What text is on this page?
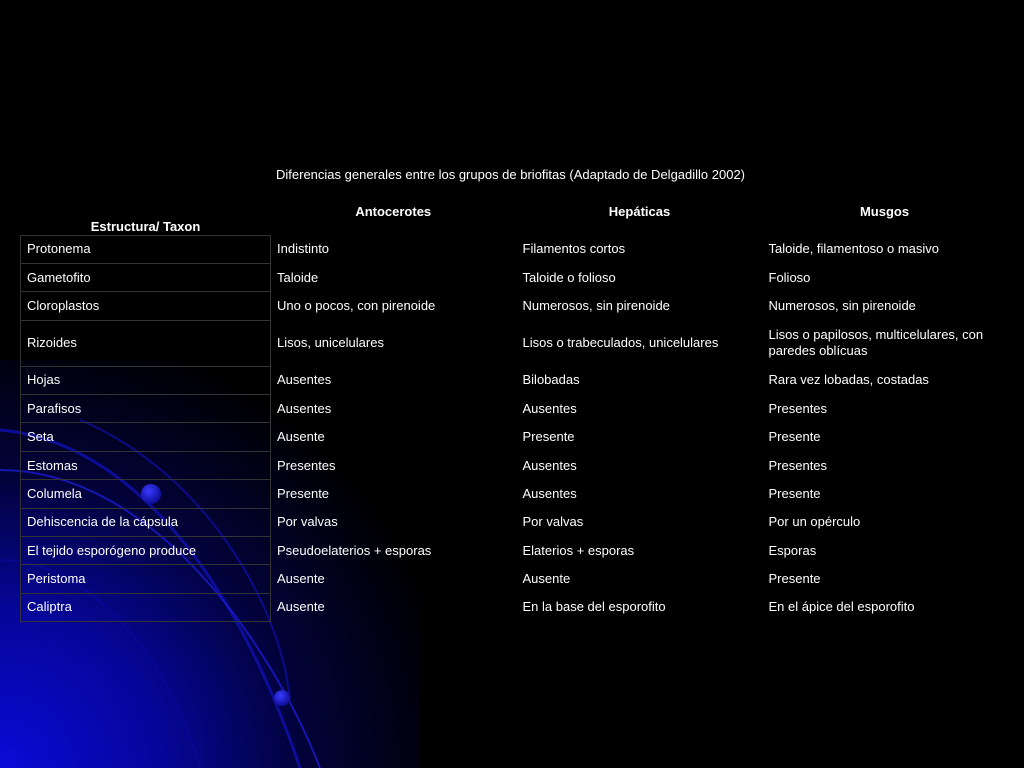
Diferencias generales entre los grupos de briofitas (Adaptado de Delgadillo 2002)
Estructura/ Taxon	Antocerotes	Hepáticas	Musgos
Protonema	Indistinto	Filamentos cortos	Taloide, filamentoso o masivo
Gametofito	Taloide	Taloide o folioso	Folioso
Cloroplastos	Uno o pocos, con pirenoide	Numerosos, sin pirenoide	Numerosos, sin pirenoide
Rizoides	Lisos, unicelulares	Lisos o trabeculados, unicelulares	Lisos o papilosos, multicelulares, con paredes oblícuas
Hojas	Ausentes	Bilobadas	Rara vez lobadas, costadas
Parafisos	Ausentes	Ausentes	Presentes
Seta	Ausente	Presente	Presente
Estomas	Presentes	Ausentes	Presentes
Columela	Presente	Ausentes	Presente
Dehiscencia de la cápsula	Por valvas	Por valvas	Por un opérculo
El tejido esporógeno produce	Pseudoelaterios + esporas	Elaterios + esporas	Esporas
Peristoma	Ausente	Ausente	Presente
Caliptra	Ausente	En la base del esporofito	En el ápice del esporofito
